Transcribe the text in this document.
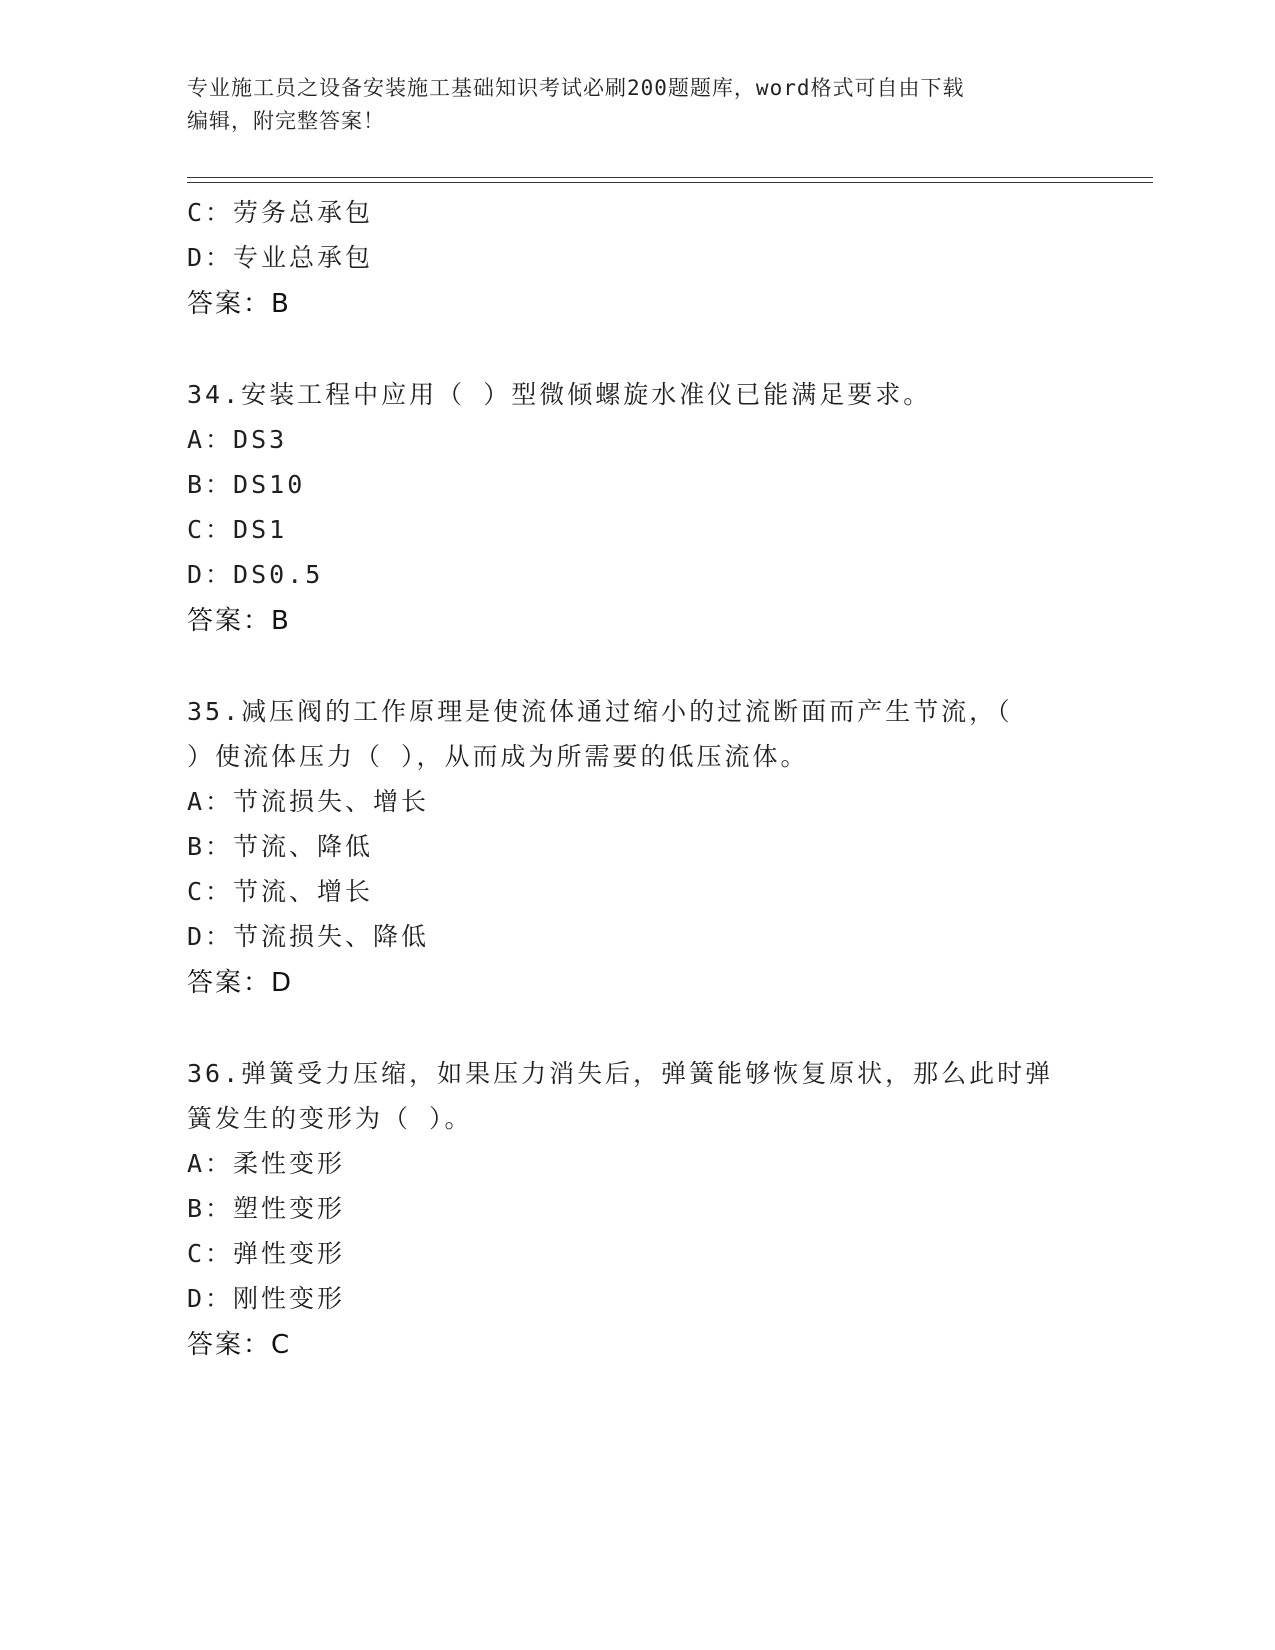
专业施工员之设备安装施工基础知识考试必刷200题题库，word格式可自由下载
编辑，附完整答案！
C：劳务总承包
D：专业总承包
答案：B
34.安装工程中应用（ ）型微倾螺旋水准仪已能满足要求。
A：DS3
B：DS10
C：DS1
D：DS0.5
答案：B
35.减压阀的工作原理是使流体通过缩小的过流断面而产生节流，（
）使流体压力（ ），从而成为所需要的低压流体。
A：节流损失、增长
B：节流、降低
C：节流、增长
D：节流损失、降低
答案：D
36.弹簧受力压缩，如果压力消失后，弹簧能够恢复原状，那么此时弹
簧发生的变形为（ ）。
A：柔性变形
B：塑性变形
C：弹性变形
D：刚性变形
答案：C
